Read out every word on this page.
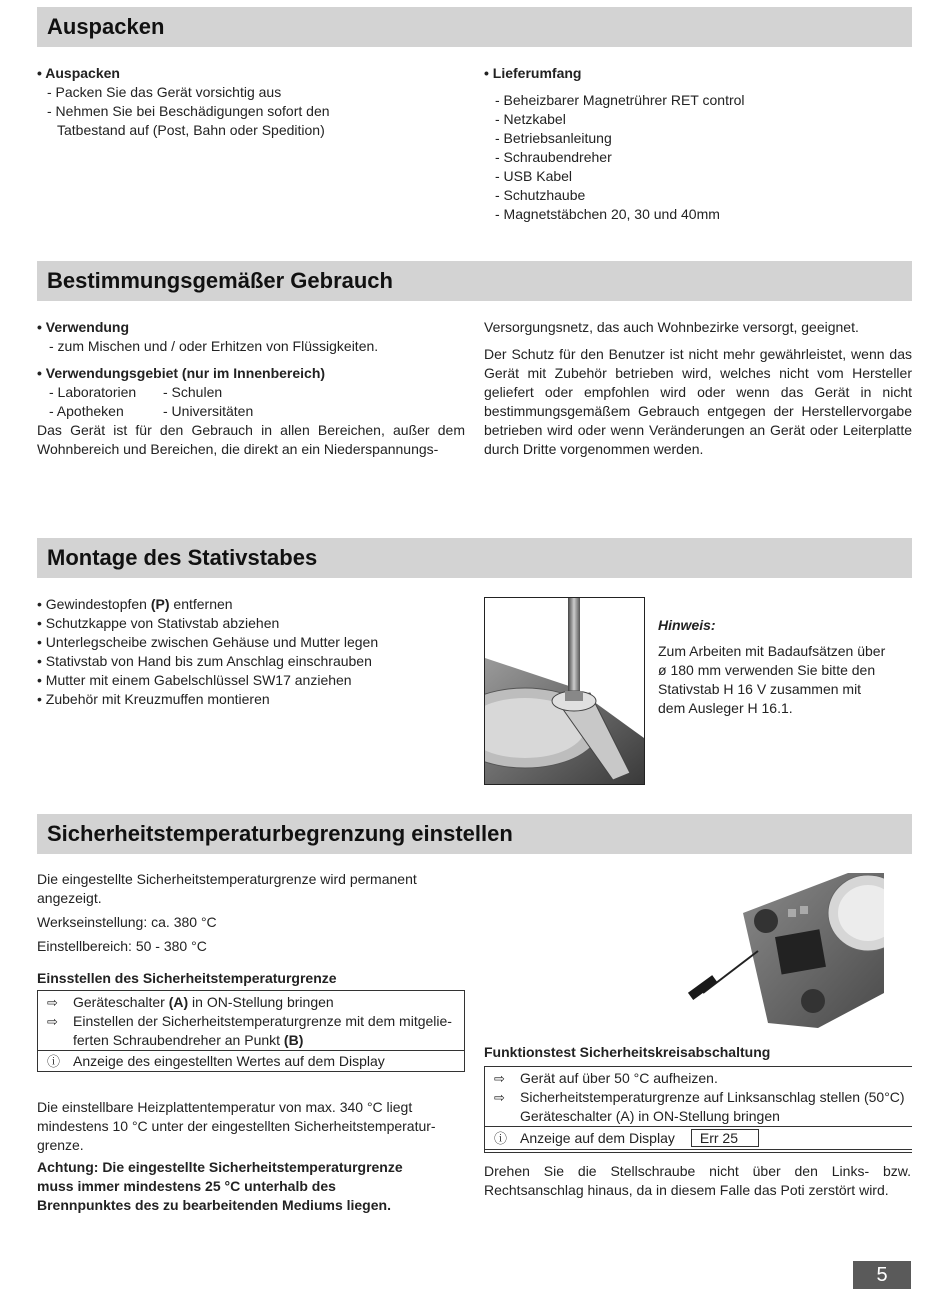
Auspacken
• Auspacken
- Packen Sie das Gerät vorsichtig aus
- Nehmen Sie bei Beschädigungen sofort den
Tatbestand auf (Post, Bahn oder Spedition)
• Lieferumfang
- Beheizbarer Magnetrührer RET control
- Netzkabel
- Betriebsanleitung
- Schraubendreher
- USB Kabel
- Schutzhaube
- Magnetstäbchen 20, 30 und 40mm
Bestimmungsgemäßer Gebrauch
• Verwendung
- zum Mischen und / oder Erhitzen von Flüssigkeiten.
• Verwendungsgebiet (nur im Innenbereich)
- Laboratorien - Schulen
- Apotheken	- Universitäten
Das Gerät ist für den Gebrauch in allen Bereichen, außer dem Wohnbereich und Bereichen, die direkt an ein Niederspannungs-
Versorgungsnetz, das auch Wohnbezirke versorgt, geeignet.
Der Schutz für den Benutzer ist nicht mehr gewährleistet, wenn das Gerät mit Zubehör betrieben wird, welches nicht vom Hersteller geliefert oder empfohlen wird oder wenn das Gerät in nicht bestimmungsgemäßem Gebrauch entgegen der Herstellervorgabe betrieben wird oder wenn Veränderungen an Gerät oder Leiterplatte durch Dritte vorgenommen werden.
Montage des Stativstabes
• Gewindestopfen (P) entfernen
• Schutzkappe von Stativstab abziehen
• Unterlegscheibe zwischen Gehäuse und Mutter legen
• Stativstab von Hand bis zum Anschlag einschrauben
• Mutter mit einem Gabelschlüssel SW17 anziehen
• Zubehör mit Kreuzmuffen montieren
Hinweis:
Zum Arbeiten mit Badaufsätzen über
ø 180 mm verwenden Sie bitte den
Stativstab H 16 V zusammen mit
dem Ausleger H 16.1.
Sicherheitstemperaturbegrenzung einstellen
Die eingestellte Sicherheitstemperaturgrenze wird permanent
angezeigt.
Werkseinstellung: ca. 380 °C
Einstellbereich: 50 - 380 °C
Einsstellen des Sicherheitstemperaturgrenze
⇨ Geräteschalter (A) in ON-Stellung bringen
⇨ Einstellen der Sicherheitstemperaturgrenze mit dem mitgelie-
ferten Schraubendreher an Punkt (B)
ⓘ Anzeige des eingestellten Wertes auf dem Display
Die einstellbare Heizplattentemperatur von max. 340 °C liegt
mindestens 10 °C unter der eingestellten Sicherheitstemperatur-
grenze.
Achtung: Die eingestellte Sicherheitstemperaturgrenze
muss immer mindestens 25 °C unterhalb des
Brennpunktes des zu bearbeitenden Mediums liegen.
Funktionstest Sicherheitskreisabschaltung
⇨ Gerät auf über 50 °C aufheizen.
⇨ Sicherheitstemperaturgrenze auf Linksanschlag stellen (50°C)
Geräteschalter (A) in ON-Stellung bringen
ⓘ Anzeige auf dem Display Err 25
Drehen Sie die Stellschraube nicht über den Links- bzw. Rechtsanschlag hinaus, da in diesem Falle das Poti zerstört wird.
5
